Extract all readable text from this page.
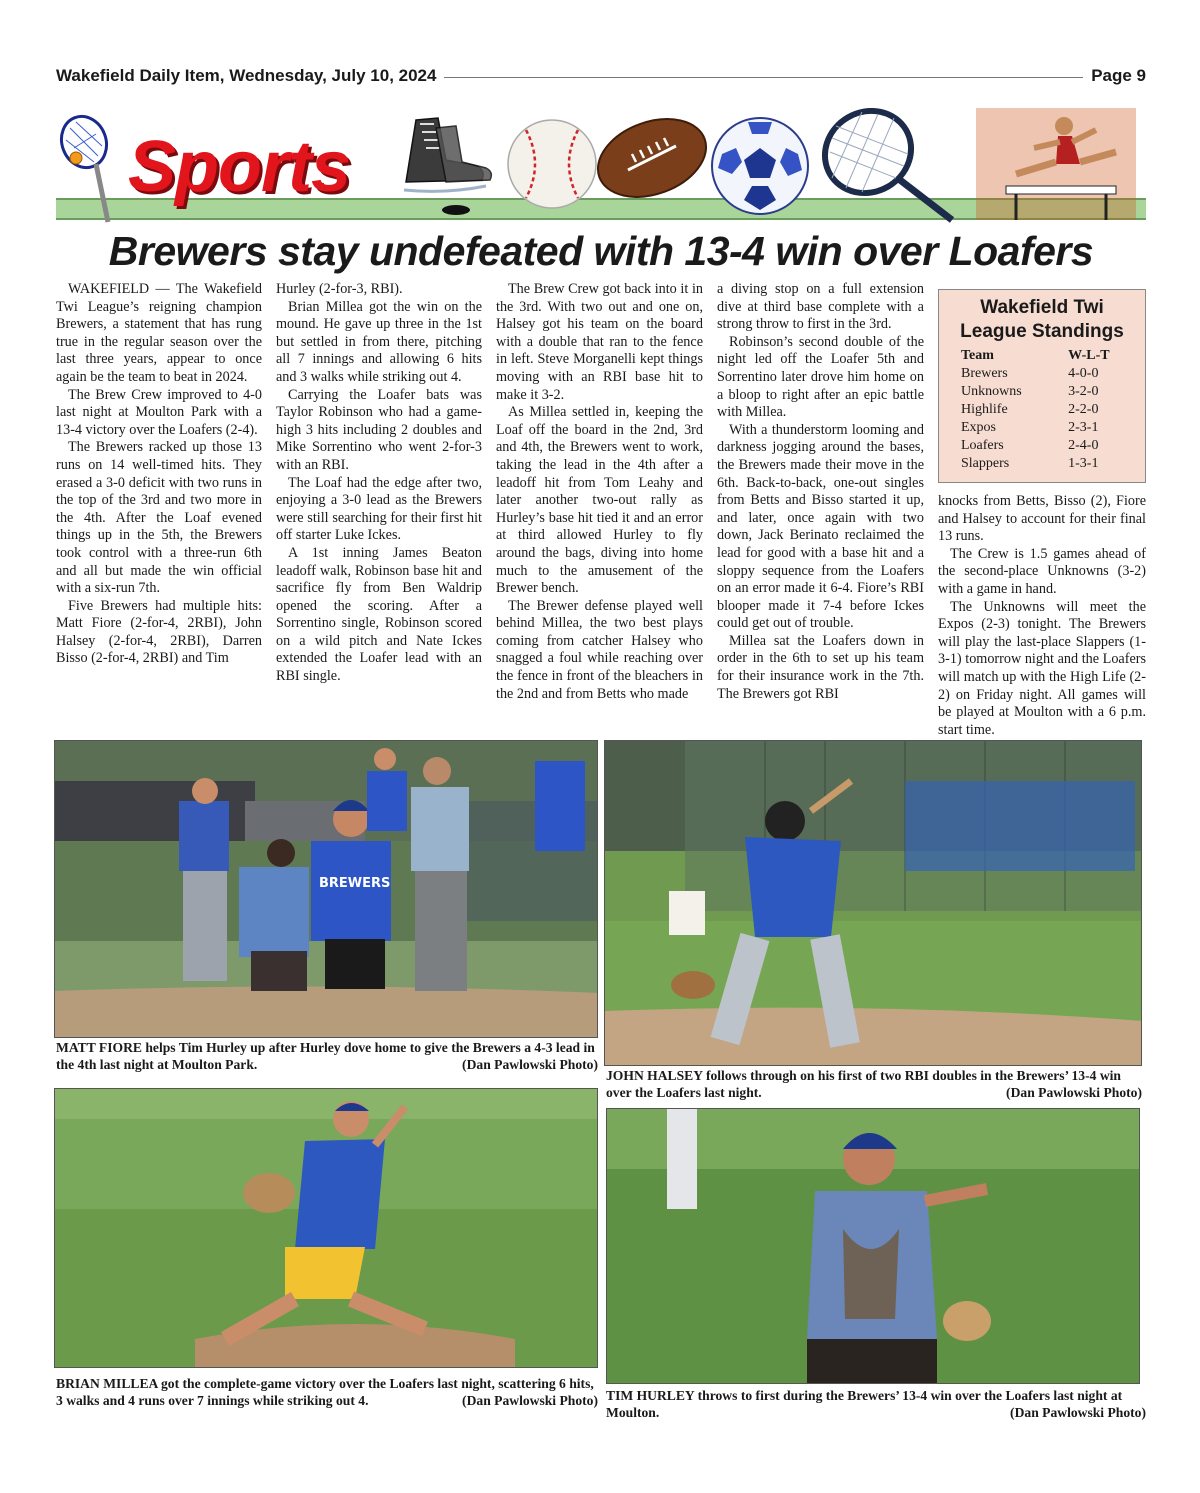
Wakefield Daily Item, Wednesday, July 10, 2024	Page 9
Sports
Brewers stay undefeated with 13-4 win over Loafers

WAKEFIELD — The Wakefield Twi League’s reigning champion Brewers, a statement that has rung true in the regular season over the last three years, appear to once again be the team to beat in 2024.

The Brew Crew improved to 4-0 last night at Moulton Park with a 13-4 victory over the Loafers (2-4).

The Brewers racked up those 13 runs on 14 well-timed hits. They erased a 3-0 deficit with two runs in the top of the 3rd and two more in the 4th. After the Loaf evened things up in the 5th, the Brewers took control with a three-run 6th and all but made the win official with a six-run 7th.

Five Brewers had multiple hits: Matt Fiore (2-for-4, 2RBI), John Halsey (2-for-4, 2RBI), Darren Bisso (2-for-4, 2RBI) and Tim

Hurley (2-for-3, RBI).

Brian Millea got the win on the mound. He gave up three in the 1st but settled in from there, pitching all 7 innings and allowing 6 hits and 3 walks while striking out 4.

Carrying the Loafer bats was Taylor Robinson who had a game-high 3 hits including 2 doubles and Mike Sorrentino who went 2-for-3 with an RBI.

The Loaf had the edge after two, enjoying a 3-0 lead as the Brewers were still searching for their first hit off starter Luke Ickes.

A 1st inning James Beaton leadoff walk, Robinson base hit and sacrifice fly from Ben Waldrip opened the scoring. After a Sorrentino single, Robinson scored on a wild pitch and Nate Ickes extended the Loafer lead with an RBI single.

The Brew Crew got back into it in the 3rd. With two out and one on, Halsey got his team on the board with a double that ran to the fence in left. Steve Morganelli kept things moving with an RBI base hit to make it 3-2.

As Millea settled in, keeping the Loaf off the board in the 2nd, 3rd and 4th, the Brewers went to work, taking the lead in the 4th after a leadoff hit from Tom Leahy and later another two-out rally as Hurley’s base hit tied it and an error at third allowed Hurley to fly around the bags, diving into home much to the amusement of the Brewer bench.

The Brewer defense played well behind Millea, the two best plays coming from catcher Halsey who snagged a foul while reaching over the fence in front of the bleachers in the 2nd and from Betts who made

a diving stop on a full extension dive at third base complete with a strong throw to first in the 3rd.

Robinson’s second double of the night led off the Loafer 5th and Sorrentino later drove him home on a bloop to right after an epic battle with Millea.

With a thunderstorm looming and darkness jogging around the bases, the Brewers made their move in the 6th. Back-to-back, one-out singles from Betts and Bisso started it up, and later, once again with two down, Jack Berinato reclaimed the lead for good with a base hit and a sloppy sequence from the Loafers on an error made it 6-4. Fiore’s RBI blooper made it 7-4 before Ickes could get out of trouble.

Millea sat the Loafers down in order in the 6th to set up his team for their insurance work in the 7th. The Brewers got RBI

Wakefield Twi League Standings
Team	W-L-T
Brewers	4-0-0
Unknowns	3-2-0
Highlife	2-2-0
Expos	2-3-1
Loafers	2-4-0
Slappers	1-3-1

knocks from Betts, Bisso (2), Fiore and Halsey to account for their final 13 runs.

The Crew is 1.5 games ahead of the second-place Unknowns (3-2) with a game in hand.

The Unknowns will meet the Expos (2-3) tonight. The Brewers will play the last-place Slappers (1-3-1) tomorrow night and the Loafers will match up with the High Life (2-2) on Friday night. All games will be played at Moulton with a 6 p.m. start time.

BREWERS
MATT FIORE helps Tim Hurley up after Hurley dove home to give the Brewers a 4-3 lead in the 4th last night at Moulton Park.	(Dan Pawlowski Photo)
JOHN HALSEY follows through on his first of two RBI doubles in the Brewers’ 13-4 win over the Loafers last night.	(Dan Pawlowski Photo)
BRIAN MILLEA got the complete-game victory over the Loafers last night, scattering 6 hits, 3 walks and 4 runs over 7 innings while striking out 4.	(Dan Pawlowski Photo) TIM HURLEY throws to first during the Brewers’ 13-4 win over the Loafers last night at Moulton.	(Dan Pawlowski Photo)
